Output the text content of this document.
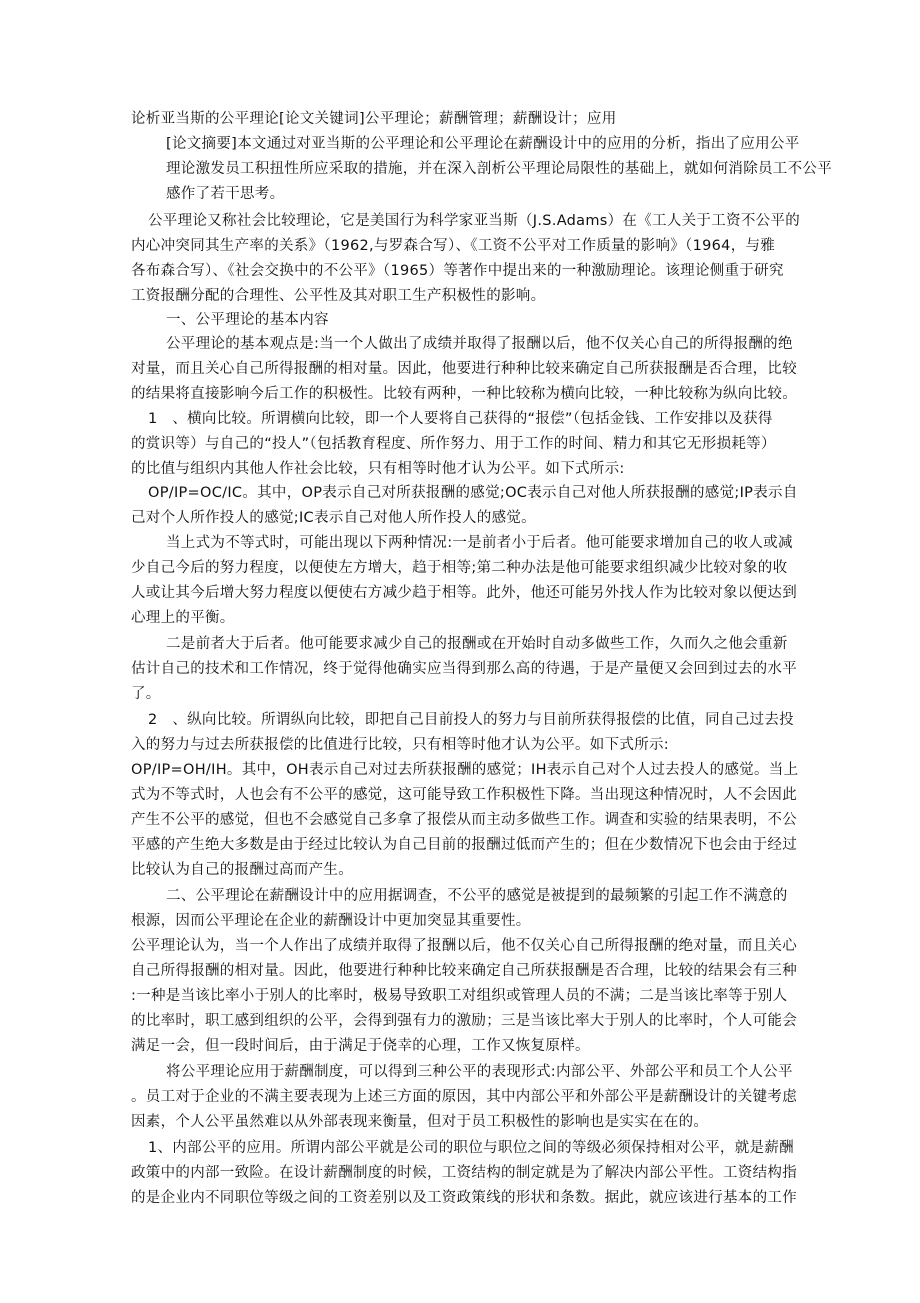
论析亚当斯的公平理论[论文关键词]公平理论；薪酬管理；薪酬设计；应用
[论文摘要]本文通过对亚当斯的公平理论和公平理论在薪酬设计中的应用的分析，指出了应用公平
理论激发员工积扭性所应采取的措施，并在深入剖析公平理论局限性的基础上，就如何消除员工不公平
感作了若干思考。
公平理论又称社会比较理论，它是美国行为科学家亚当斯（J.S.Adams）在《工人关于工资不公平的
内心冲突同其生产率的关系》（1962,与罗森合写）、《工资不公平对工作质量的影响》（1964，与雅
各布森合写）、《社会交换中的不公平》（1965）等著作中提出来的一种激励理论。该理论侧重于研究
工资报酬分配的合理性、公平性及其对职工生产积极性的影响。
一、公平理论的基本内容
公平理论的基本观点是:当一个人做出了成绩并取得了报酬以后，他不仅关心自己的所得报酬的绝
对量，而且关心自己所得报酬的相对量。因此，他要进行种种比较来确定自己所获报酬是否合理，比较
的结果将直接影响今后工作的积极性。比较有两种，一种比较称为横向比较，一种比较称为纵向比较。
1　、横向比较。所谓横向比较，即一个人要将自己获得的“报偿”（包括金钱、工作安排以及获得
的赏识等）与自己的“投人”（包括教育程度、所作努力、用于工作的时间、精力和其它无形损耗等）
的比值与组织内其他人作社会比较，只有相等时他才认为公平。如下式所示:
OP/IP=OC/IC。其中，OP表示自己对所获报酬的感觉;OC表示自己对他人所获报酬的感觉;IP表示自
己对个人所作投人的感觉;IC表示自己对他人所作投人的感觉。
当上式为不等式时，可能出现以下两种情况:一是前者小于后者。他可能要求增加自己的收人或减
少自己今后的努力程度，以便使左方增大，趋于相等;第二种办法是他可能要求组织减少比较对象的收
人或让其今后增大努力程度以便使右方减少趋于相等。此外，他还可能另外找人作为比较对象以便达到
心理上的平衡。
二是前者大于后者。他可能要求减少自己的报酬或在开始时自动多做些工作，久而久之他会重新
估计自己的技术和工作情况，终于觉得他确实应当得到那么高的待遇，于是产量便又会回到过去的水平
了。
2　、纵向比较。所谓纵向比较，即把自己目前投人的努力与目前所获得报偿的比值，同自己过去投
入的努力与过去所获报偿的比值进行比较，只有相等时他才认为公平。如下式所示:
OP/IP=OH/IH。其中，OH表示自己对过去所获报酬的感觉；IH表示自己对个人过去投人的感觉。当上
式为不等式时，人也会有不公平的感觉，这可能导致工作积极性下降。当出现这种情况时，人不会因此
产生不公平的感觉，但也不会感觉自己多拿了报偿从而主动多做些工作。调查和实验的结果表明，不公
平感的产生绝大多数是由于经过比较认为自己目前的报酬过低而产生的；但在少数情况下也会由于经过
比较认为自己的报酬过高而产生。
二、公平理论在薪酬设计中的应用据调查，不公平的感觉是被提到的最频繁的引起工作不满意的
根源，因而公平理论在企业的薪酬设计中更加突显其重要性。
公平理论认为，当一个人作出了成绩并取得了报酬以后，他不仅关心自己所得报酬的绝对量，而且关心
自己所得报酬的相对量。因此，他要进行种种比较来确定自己所获报酬是否合理，比较的结果会有三种
:一种是当该比率小于别人的比率时，极易导致职工对组织或管理人员的不满；二是当该比率等于别人
的比率时，职工感到组织的公平，会得到强有力的激励；三是当该比率大于别人的比率时，个人可能会
满足一会，但一段时间后，由于满足于侥幸的心理，工作又恢复原样。
将公平理论应用于薪酬制度，可以得到三种公平的表现形式:内部公平、外部公平和员工个人公平
。员工对于企业的不满主要表现为上述三方面的原因，其中内部公平和外部公平是薪酬设计的关键考虑
因素，个人公平虽然难以从外部表现来衡量，但对于员工积极性的影响也是实实在在的。
1、内部公平的应用。所谓内部公平就是公司的职位与职位之间的等级必须保持相对公平，就是薪酬
政策中的内部一致险。在设计薪酬制度的时候，工资结构的制定就是为了解决内部公平性。工资结构指
的是企业内不同职位等级之间的工资差别以及工资政策线的形状和条数。据此，就应该进行基本的工作
